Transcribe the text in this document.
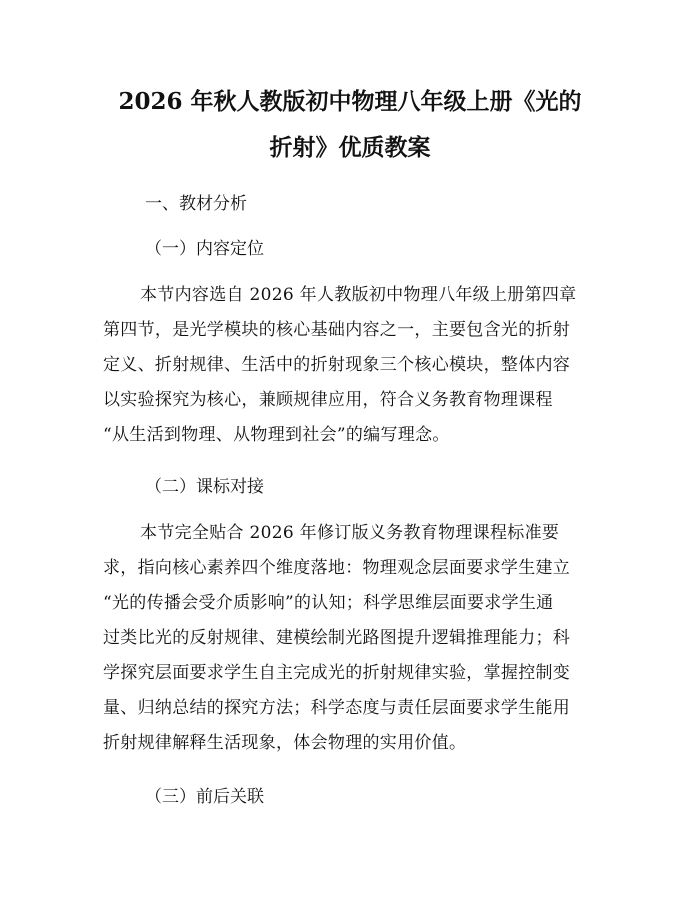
2026 年秋人教版初中物理八年级上册《光的
折射》优质教案
一、教材分析
（一）内容定位
本节内容选自 2026 年人教版初中物理八年级上册第四章
第四节，是光学模块的核心基础内容之一，主要包含光的折射
定义、折射规律、生活中的折射现象三个核心模块，整体内容
以实验探究为核心，兼顾规律应用，符合义务教育物理课程
“从生活到物理、从物理到社会”的编写理念。
（二）课标对接
本节完全贴合 2026 年修订版义务教育物理课程标准要
求，指向核心素养四个维度落地：物理观念层面要求学生建立
“光的传播会受介质影响”的认知；科学思维层面要求学生通
过类比光的反射规律、建模绘制光路图提升逻辑推理能力；科
学探究层面要求学生自主完成光的折射规律实验，掌握控制变
量、归纳总结的探究方法；科学态度与责任层面要求学生能用
折射规律解释生活现象，体会物理的实用价值。
（三）前后关联
